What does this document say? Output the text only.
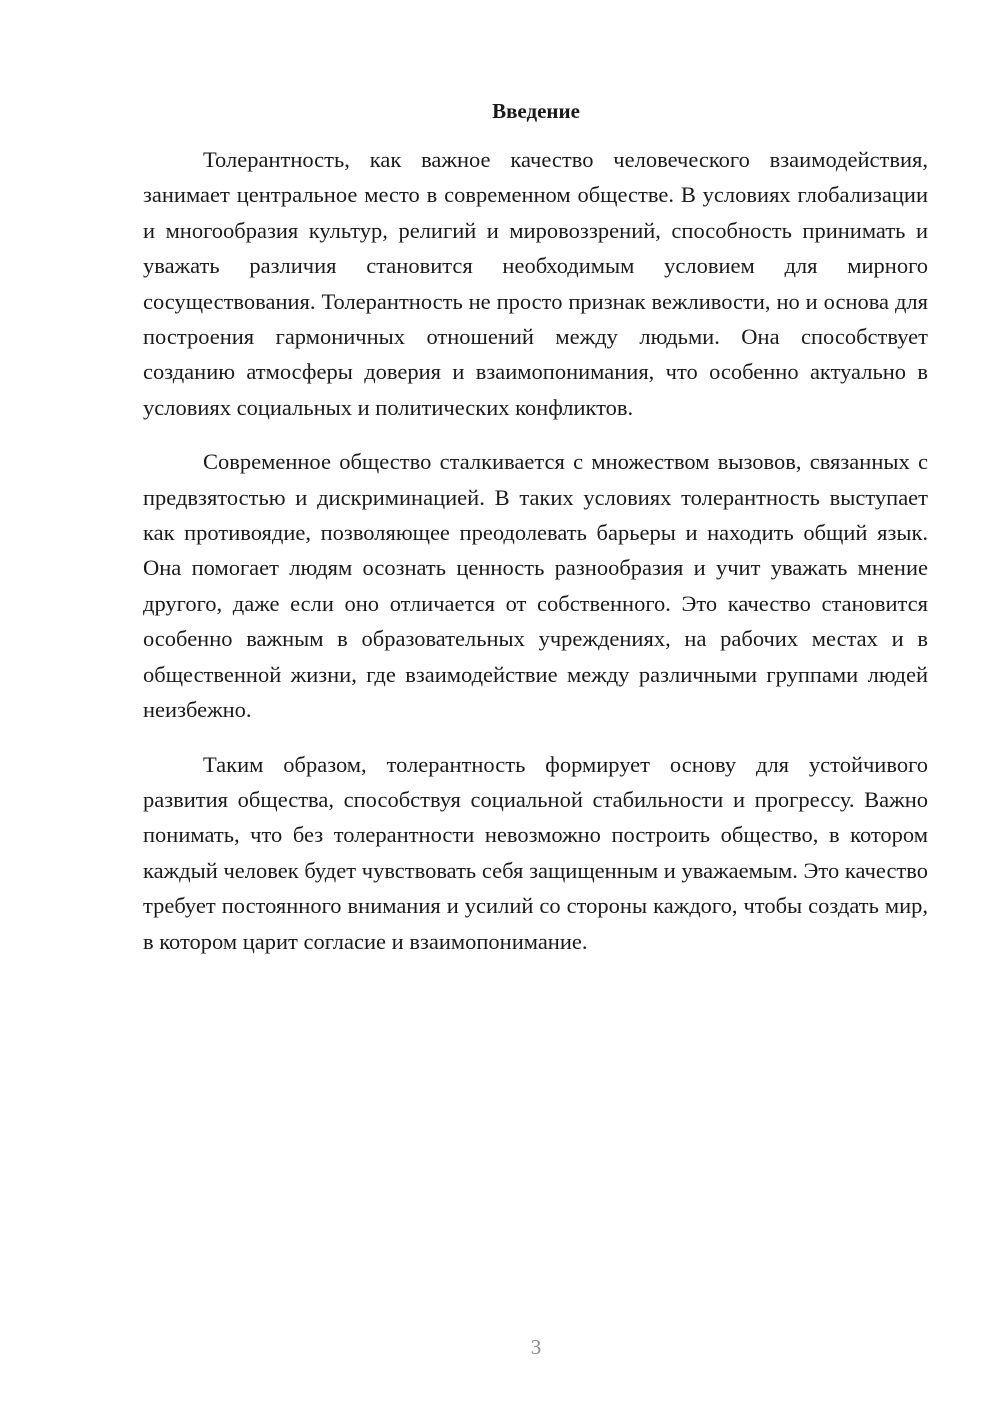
Введение

Толерантность, как важное качество человеческого взаимодействия, занимает центральное место в современном обществе. В условиях глобализации и многообразия культур, религий и мировоззрений, способность принимать и уважать различия становится необходимым условием для мирного сосуществования. Толерантность не просто признак вежливости, но и основа для построения гармоничных отношений между людьми. Она способствует созданию атмосферы доверия и взаимопонимания, что особенно актуально в условиях социальных и политических конфликтов.

Современное общество сталкивается с множеством вызовов, связанных с предвзятостью и дискриминацией. В таких условиях толерантность выступает как противоядие, позволяющее преодолевать барьеры и находить общий язык. Она помогает людям осознать ценность разнообразия и учит уважать мнение другого, даже если оно отличается от собственного. Это качество становится особенно важным в образовательных учреждениях, на рабочих местах и в общественной жизни, где взаимодействие между различными группами людей неизбежно.

Таким образом, толерантность формирует основу для устойчивого развития общества, способствуя социальной стабильности и прогрессу. Важно понимать, что без толерантности невозможно построить общество, в котором каждый человек будет чувствовать себя защищенным и уважаемым. Это качество требует постоянного внимания и усилий со стороны каждого, чтобы создать мир, в котором царит согласие и взаимопонимание.

3
